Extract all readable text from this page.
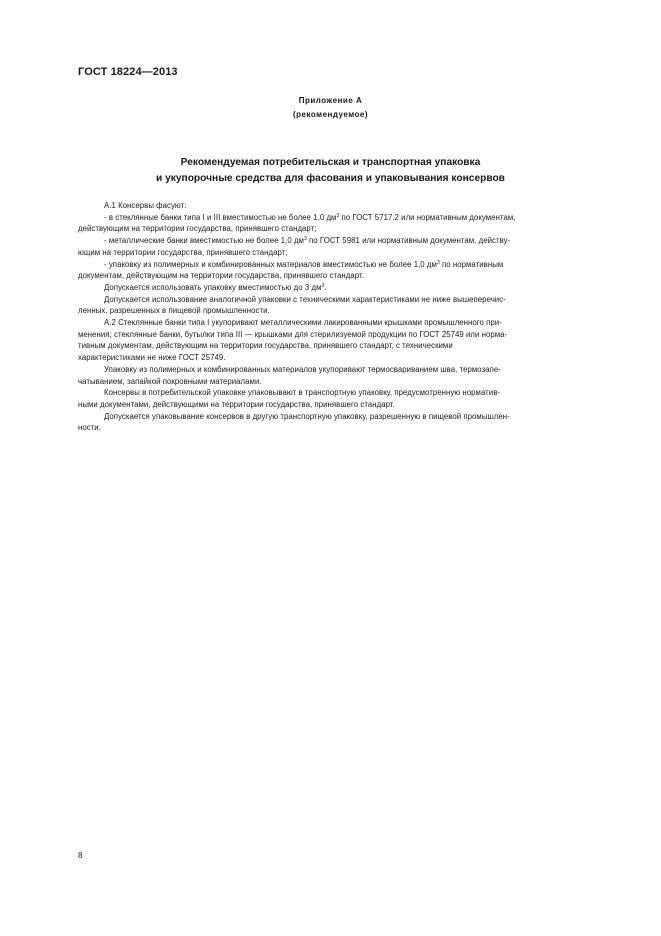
ГОСТ 18224—2013
Приложение А
(рекомендуемое)
Рекомендуемая потребительская и транспортная упаковка
и укупорочные средства для фасования и упаковывания консервов

А.1 Консервы фасуют:

- в стеклянные банки типа I и III вместимостью не более 1,0 $дм^3$ по ГОСТ 5717.2 или нормативным документам,

действующим на территории государства, принявшего стандарт;

- металлические банки вместимостью не более 1,0 $дм^3$ по ГОСТ 5981 или нормативным документам, действу-

ющим на территории государства, принявшего стандарт;

- упаковку из полимерных и комбинированных материалов вместимостью не более 1,0 $дм^3$ по нормативным

документам, действующим на территории государства, принявшего стандарт.

Допускается использовать упаковку вместимостью до 3 $дм^3$.

Допускается использование аналогичной упаковки с техническими характеристиками не ниже вышеперечис-

ленных, разрешенных в пищевой промышленности.

А.2 Стеклянные банки типа I укупоривают металлическими лакированными крышками промышленного при-

менения; стеклянные банки, бутылки типа III — крышками для стерилизуемой продукции по ГОСТ 25749 или норма-

тивным документам, действующим на территории государства, принявшего стандарт, с техническими

характеристиками не ниже ГОСТ 25749.

Упаковку из полимерных и комбинированных материалов укупоривают термосвариванием шва, термозапе-

чатыванием, запайкой покровными материалами.

Консервы в потребительской упаковке упаковывают в транспортную упаковку, предусмотренную норматив-

ными документами, действующими на территории государства, принявшего стандарт.

Допускается упаковывание консервов в другую транспортную упаковку, разрешенную в пищевой промышлен-

ности.

8
